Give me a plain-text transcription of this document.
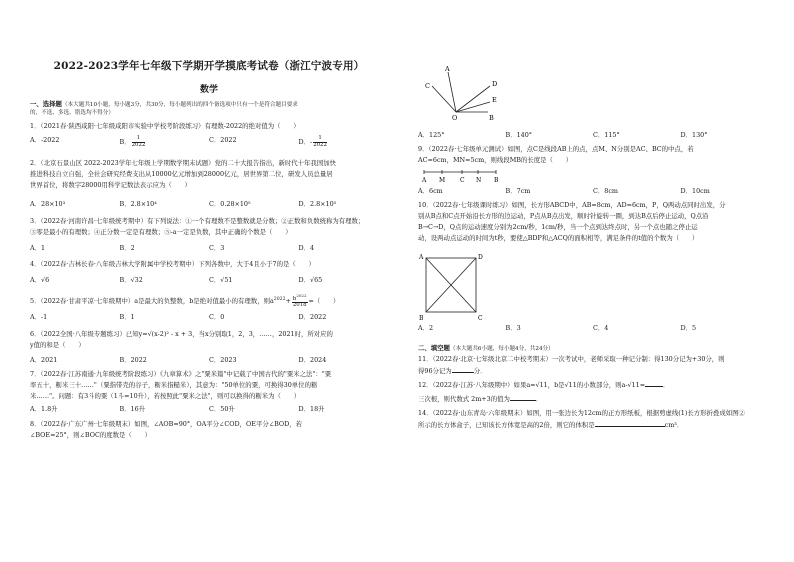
2022-2023学年七年级下学期开学摸底考试卷（浙江宁波专用）
数学
一、选择题（本大题共10小题，每小题3分，共30分，每小题列出的四个备选项中只有一个是符合题目要求
的，不选、多选、错选均不得分）
1．（2021春·陕西咸阳·七年级咸阳市实验中学校考阶段练习）有理数-2022的绝对值为（　　）
A．-2022	B． $\frac{1}{2022}$	C．2022	D．- $\frac{1}{2022}$
2．（北京石景山区 2022-2023学年七年级上学期数学期末试题）党的二十大报告指出，新时代十年我国加快
推进科技自立自强，全社会研究经费支出从10000亿元增加到28000亿元，居世界第二位，研发人员总量居
世界首位，将数字28000用科学记数法表示应为（　　）
A．28×10³	B．2.8×10⁴	C．0.28×10⁵	D．2.8×10⁵
3．（2022春·河南许昌·七年级统考期中）有下列说法：①一个有理数不是整数就是分数；②正数和负数统称为有理数；
③零是最小的有理数；④正分数一定是有理数；⑤-a一定是负数，其中正确的个数是（　　）
A．1	B．2	C．3	D．4
4．（2022春·吉林长春·八年级吉林大学附属中学校考期中）下列各数中，大于4且小于7的是（　　）
A．√6	B．√32	C．√51	D．√65
5．（2022春·甘肃平凉·七年级期中）a是最大的负整数，b是绝对值最小的有理数，则$a^{2022}+ \frac{b^{2022}}{2018}$ =（　　）
A．-1	B．1	C．0	D．2022
6．（2022全国·八年级专题练习）已知y=√(x-2)² - x + 3，当x分别取1，2，3，……，2021时，所对应的
y值的和是（　　）
A．2021	B．2022	C．2023	D．2024
7．（2022春·江苏南通·九年级统考阶段练习）《九章算术》之"粟米篇"中记载了中国古代的"粟米之法"："粟
率五十，粝米三十……"（粟指带壳的谷子，粝米指糙米），其意为："50单位的粟，可换得30单位的粝
米……"。问题：有3斗的粟（1斗=10升），若按照此"粟米之法"，则可以换得的粝米为（　　）
A．1.8升	B．16升	C．50升	D．18升
8．（2022春·广东广州·七年级期末）如图，∠AOB=90°，OA平分∠COD，OE平分∠BOD，若
∠BOE=25°，则∠BOC的度数是（　　）
A
C	D
E
O	B
A．125°	B．140°	C．115°	D．130°
9．（2022春·七年级单元测试）如图，点C是线段AB上的点，点M、N分别是AC、BC的中点，若
AC=6cm，MN=5cm，则线段MB的长度是（　　）
A M C N B
A．6cm	B．7cm	C．8cm	D．10cm
10．（2022春·七年级课时练习）如图，长方形ABCD中，AB=8cm，AD=6cm，P，Q两动点同时出发，分
别从B点和C点开始沿长方形的边运动，P点从B点出发，顺时针旋转一圈，到达B点后停止运动，Q点沿
B→C→D，Q点的运动速度分别为2cm/秒，1cm/秒，当一个点到达终点时，另一个点也随之停止运
动，设两动点运动的时间为t秒，要使△BDP和△ACQ的面积相等，满足条件的t值的个数为（　　）
A	D
B	C
A．2	B．3	C．4	D．5
二、填空题（本大题共6小题，每小题4分，共24分）
11．（2022春·北京·七年级北京二中校考期末）一次考试中，老师采取一种记分制：得130分记为+30分，则
得96分记为	分．
12．（2022春·江苏·八年级期中）如果a=√11，b是√11的小数部分，则a-√11=	．
三次根，则代数式 2m+3的值为	．
14．（2022春·山东青岛·六年级期末）如图，用一张边长为12cm的正方形纸板，根据剪虚线(1)长方形折叠成如图②
所示的长方体盒子，已知该长方体宽是高的2倍，则它的体积是	cm³．
